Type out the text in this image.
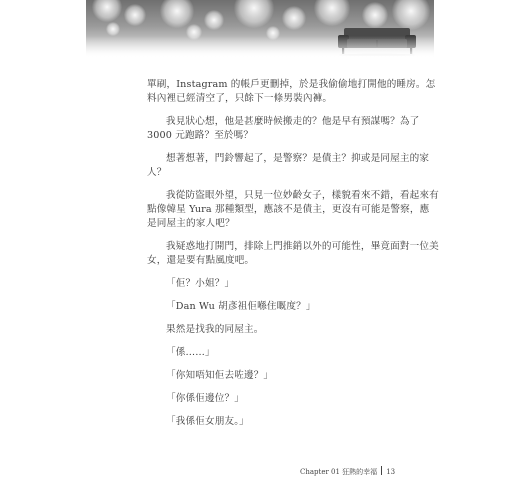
單刷，Instagram 的帳戶更刪掉，於是我偷偷地打開他的睡房。怎料內裡已經清空了，只餘下一條男裝內褲。

我見狀心想，他是甚麼時候搬走的？他是早有預謀嗎？為了 3000 元跑路？至於嗎？

想著想著，門鈴響起了，是警察？是債主？抑或是同屋主的家人？

我從防盜眼外望，只見一位妙齡女子，樣貌看來不錯，看起來有點像韓星 Yura 那種類型，應該不是債主，更沒有可能是警察，應是同屋主的家人吧？

我疑惑地打開門，排除上門推銷以外的可能性，畢竟面對一位美女，還是要有點風度吧。

「佢？小姐？」

「Dan Wu 胡彥祖佢喺住嘅度？」

果然是找我的同屋主。

「係……」

「你知唔知佢去咗邊？」

「你係佢邊位？」

「我係佢女朋友。」

Chapter 01 狂熱的幸福 13
